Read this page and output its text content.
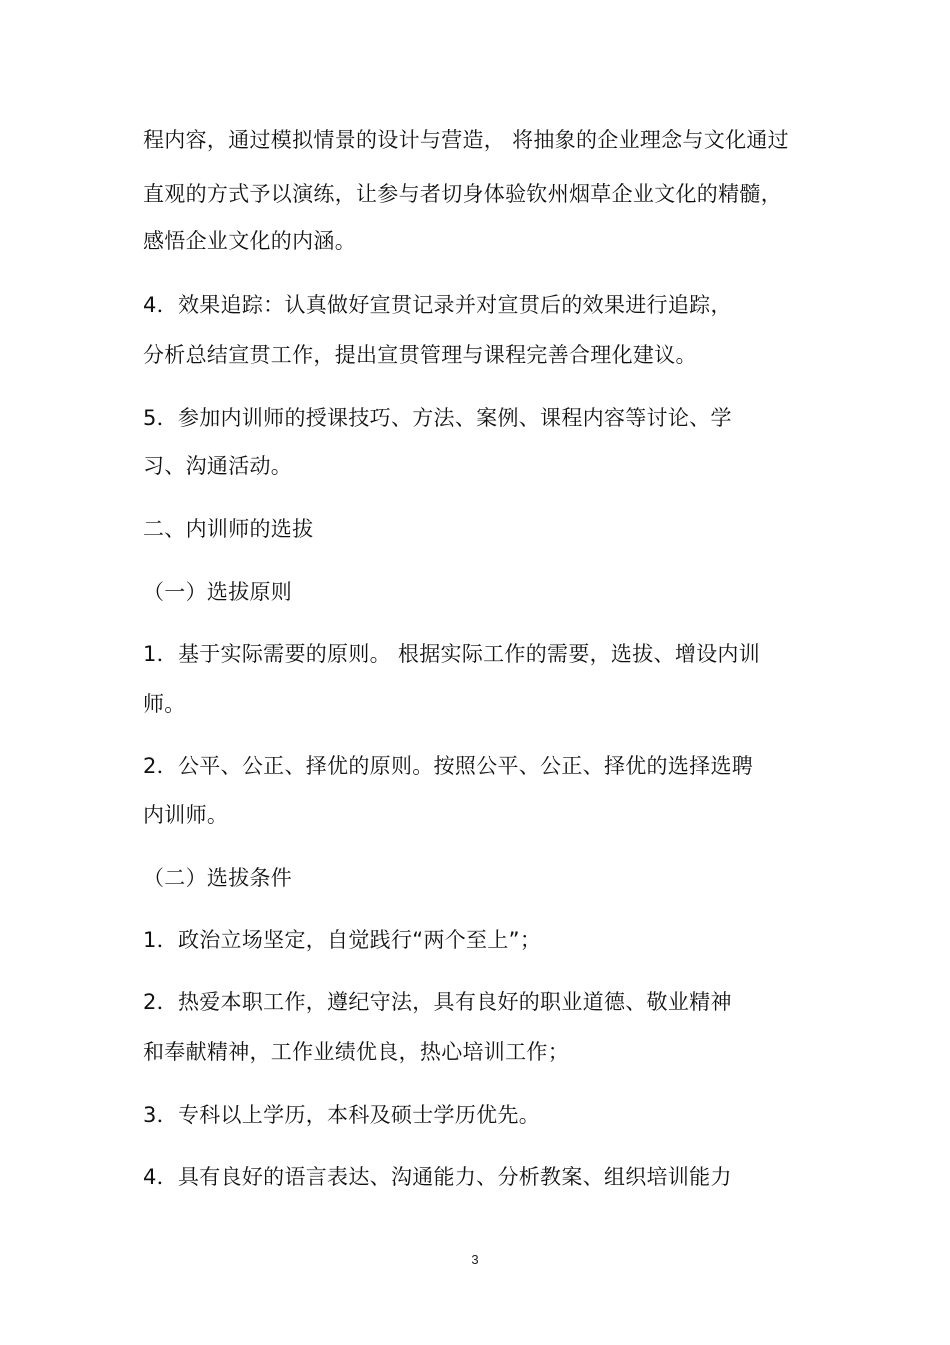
程内容，通过模拟情景的设计与营造， 将抽象的企业理念与文化通过
直观的方式予以演练，让参与者切身体验钦州烟草企业文化的精髓，
感悟企业文化的内涵。
4．效果追踪：认真做好宣贯记录并对宣贯后的效果进行追踪，
分析总结宣贯工作，提出宣贯管理与课程完善合理化建议。
5．参加内训师的授课技巧、方法、案例、课程内容等讨论、学
习、沟通活动。
二、内训师的选拔
（一）选拔原则
1．基于实际需要的原则。 根据实际工作的需要，选拔、增设内训
师。
2．公平、公正、择优的原则。按照公平、公正、择优的选择选聘
内训师。
（二）选拔条件
1．政治立场坚定，自觉践行“两个至上”；
2．热爱本职工作，遵纪守法，具有良好的职业道德、敬业精神
和奉献精神，工作业绩优良，热心培训工作；
3．专科以上学历，本科及硕士学历优先。
4．具有良好的语言表达、沟通能力、分析教案、组织培训能力
3
